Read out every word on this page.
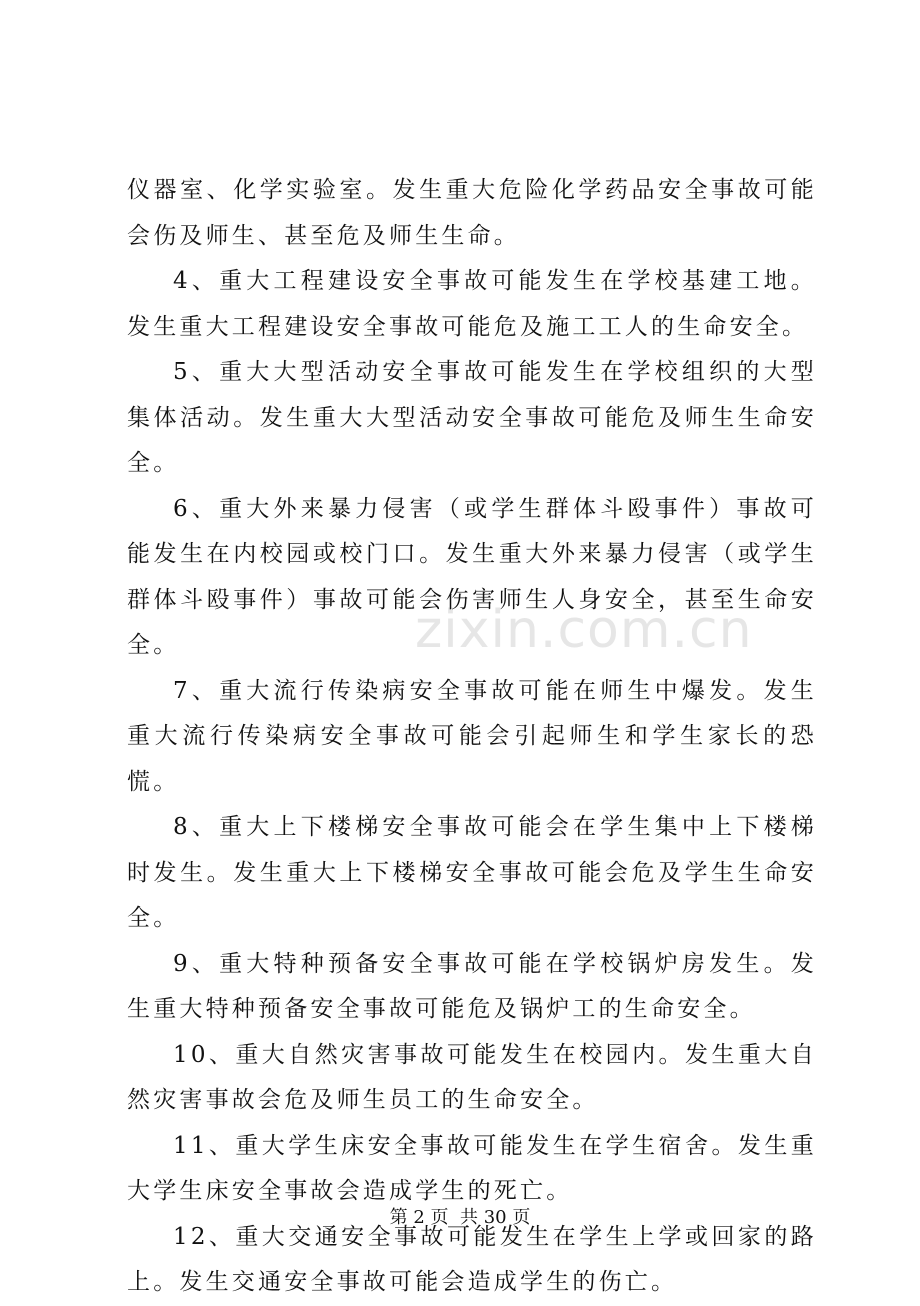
zixin.com.cn

仪器室、化学实验室。发生重大危险化学药品安全事故可能会伤及师生、甚至危及师生生命。

4、重大工程建设安全事故可能发生在学校基建工地。发生重大工程建设安全事故可能危及施工工人的生命安全。

5、重大大型活动安全事故可能发生在学校组织的大型集体活动。发生重大大型活动安全事故可能危及师生生命安全。

6、重大外来暴力侵害（或学生群体斗殴事件）事故可能发生在内校园或校门口。发生重大外来暴力侵害（或学生群体斗殴事件）事故可能会伤害师生人身安全，甚至生命安全。

7、重大流行传染病安全事故可能在师生中爆发。发生重大流行传染病安全事故可能会引起师生和学生家长的恐慌。

8、重大上下楼梯安全事故可能会在学生集中上下楼梯时发生。发生重大上下楼梯安全事故可能会危及学生生命安全。

9、重大特种预备安全事故可能在学校锅炉房发生。发生重大特种预备安全事故可能危及锅炉工的生命安全。

10、重大自然灾害事故可能发生在校园内。发生重大自然灾害事故会危及师生员工的生命安全。

11、重大学生床安全事故可能发生在学生宿舍。发生重大学生床安全事故会造成学生的死亡。

12、重大交通安全事故可能发生在学生上学或回家的路上。发生交通安全事故可能会造成学生的伤亡。

第 2 页  共 30 页
